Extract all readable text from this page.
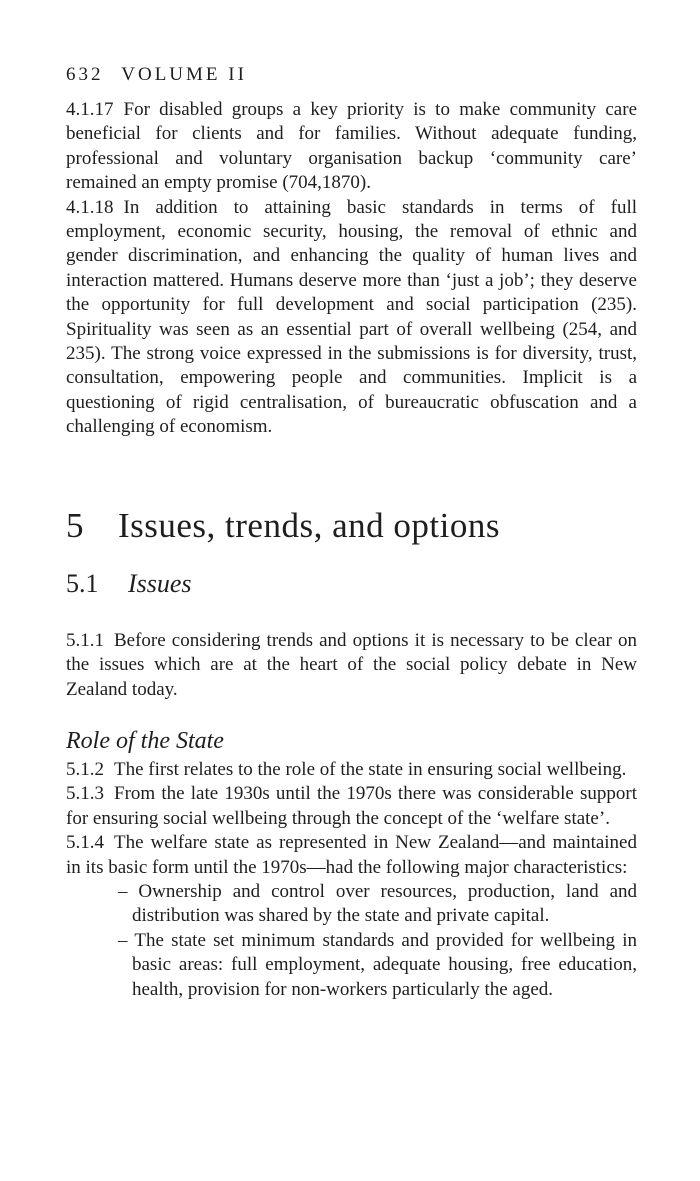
632 VOLUME II
4.1.17 For disabled groups a key priority is to make community care beneficial for clients and for families. Without adequate funding, professional and voluntary organisation backup ‘community care’ remained an empty promise (704,1870).
4.1.18 In addition to attaining basic standards in terms of full employment, economic security, housing, the removal of ethnic and gender discrimination, and enhancing the quality of human lives and interaction mattered. Humans deserve more than ‘just a job’; they deserve the opportunity for full development and social participation (235). Spirituality was seen as an essential part of overall wellbeing (254, and 235). The strong voice expressed in the submissions is for diversity, trust, consultation, empowering people and communities. Implicit is a questioning of rigid centralisation, of bureaucratic obfuscation and a challenging of economism.
5 Issues, trends, and options
5.1 Issues
5.1.1 Before considering trends and options it is necessary to be clear on the issues which are at the heart of the social policy debate in New Zealand today.
Role of the State
5.1.2 The first relates to the role of the state in ensuring social wellbeing.
5.1.3 From the late 1930s until the 1970s there was considerable support for ensuring social wellbeing through the concept of the ‘welfare state’.
5.1.4 The welfare state as represented in New Zealand—and maintained in its basic form until the 1970s—had the following major characteristics:
– Ownership and control over resources, production, land and distribution was shared by the state and private capital.
– The state set minimum standards and provided for wellbeing in basic areas: full employment, adequate housing, free education, health, provision for non-workers particularly the aged.
